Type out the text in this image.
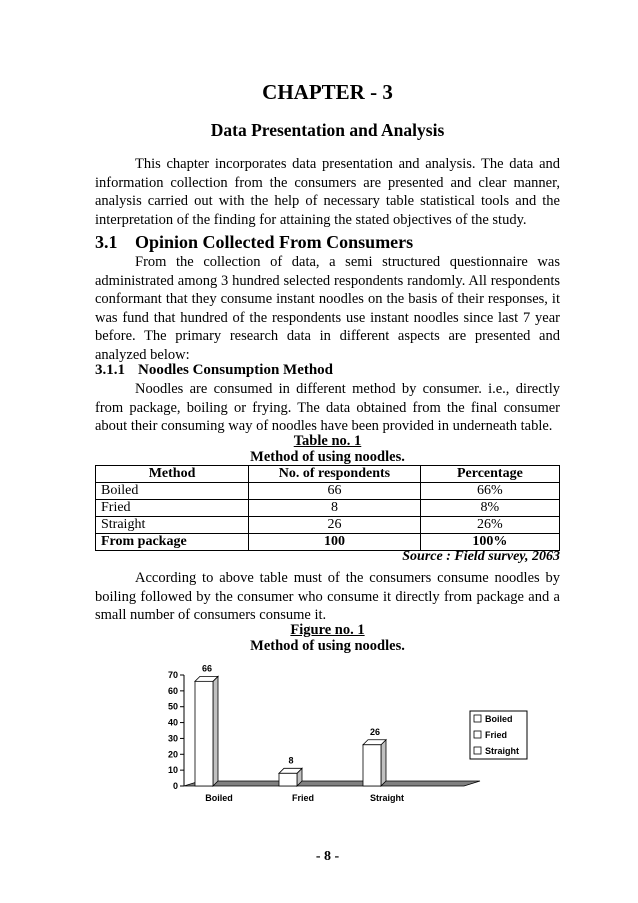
CHAPTER - 3
Data Presentation and Analysis

This chapter incorporates data presentation and analysis. The data and information collection from the consumers are presented and clear manner, analysis carried out with the help of necessary table statistical tools and the interpretation of the finding for attaining the stated objectives of the study.

3.1 Opinion Collected From Consumers

From the collection of data, a semi structured questionnaire was administrated among 3 hundred selected respondents randomly. All respondents conformant that they consume instant noodles on the basis of their responses, it was fund that hundred of the respondents use instant noodles since last 7 year before. The primary research data in different aspects are presented and analyzed below:

3.1.1 Noodles Consumption Method

Noodles are consumed in different method by consumer. i.e., directly from package, boiling or frying. The data obtained from the final consumer about their consuming way of noodles have been provided in underneath table.

Table no. 1
Method of using noodles.
Method	No. of respondents	Percentage
Boiled	66	66%
Fried	8	8%
Straight	26	26%
From package	100	100%
Source : Field survey, 2063

According to above table must of the consumers consume noodles by boiling followed by the consumer who consume it directly from package and a small number of consumers consume it.

Figure no. 1
Method of using noodles.
- 8 -
0
10
20
30
40
50
60
70
66
Boiled
8
Fried
26
Straight
Boiled
Fried
Straight
